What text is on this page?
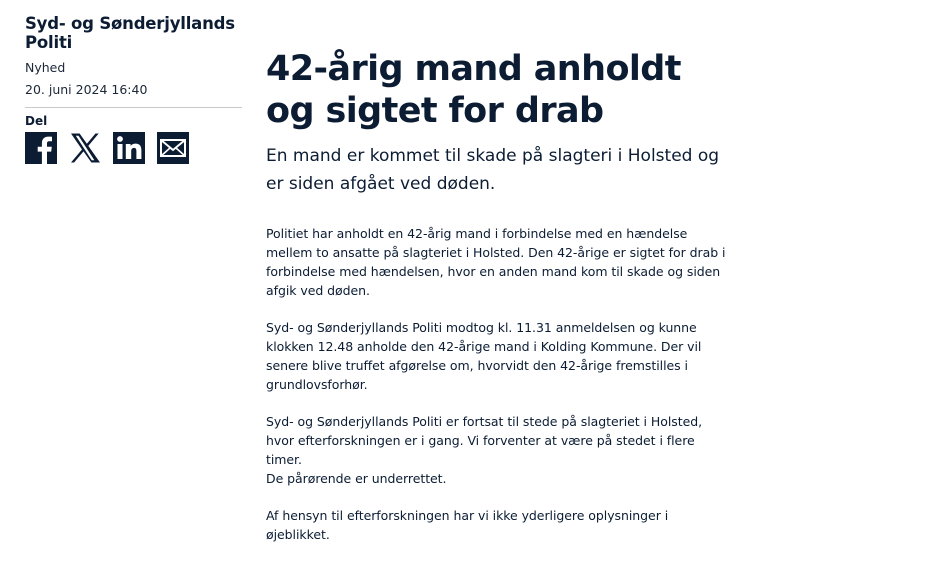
Syd- og Sønderjyllands Politi
Nyhed
20. juni 2024 16:40
Del
42-årig mand anholdt og sigtet for drab

En mand er kommet til skade på slagteri i Holsted og er siden afgået ved døden.

Politiet har anholdt en 42-årig mand i forbindelse med en hændelse mellem to ansatte på slagteriet i Holsted. Den 42-årige er sigtet for drab i forbindelse med hændelsen, hvor en anden mand kom til skade og siden afgik ved døden.

Syd- og Sønderjyllands Politi modtog kl. 11.31 anmeldelsen og kunne klokken 12.48 anholde den 42-årige mand i Kolding Kommune. Der vil senere blive truffet afgørelse om, hvorvidt den 42-årige fremstilles i grundlovsforhør.

Syd- og Sønderjyllands Politi er fortsat til stede på slagteriet i Holsted, hvor efterforskningen er i gang. Vi forventer at være på stedet i flere timer.
De pårørende er underrettet.

Af hensyn til efterforskningen har vi ikke yderligere oplysninger i øjeblikket.
